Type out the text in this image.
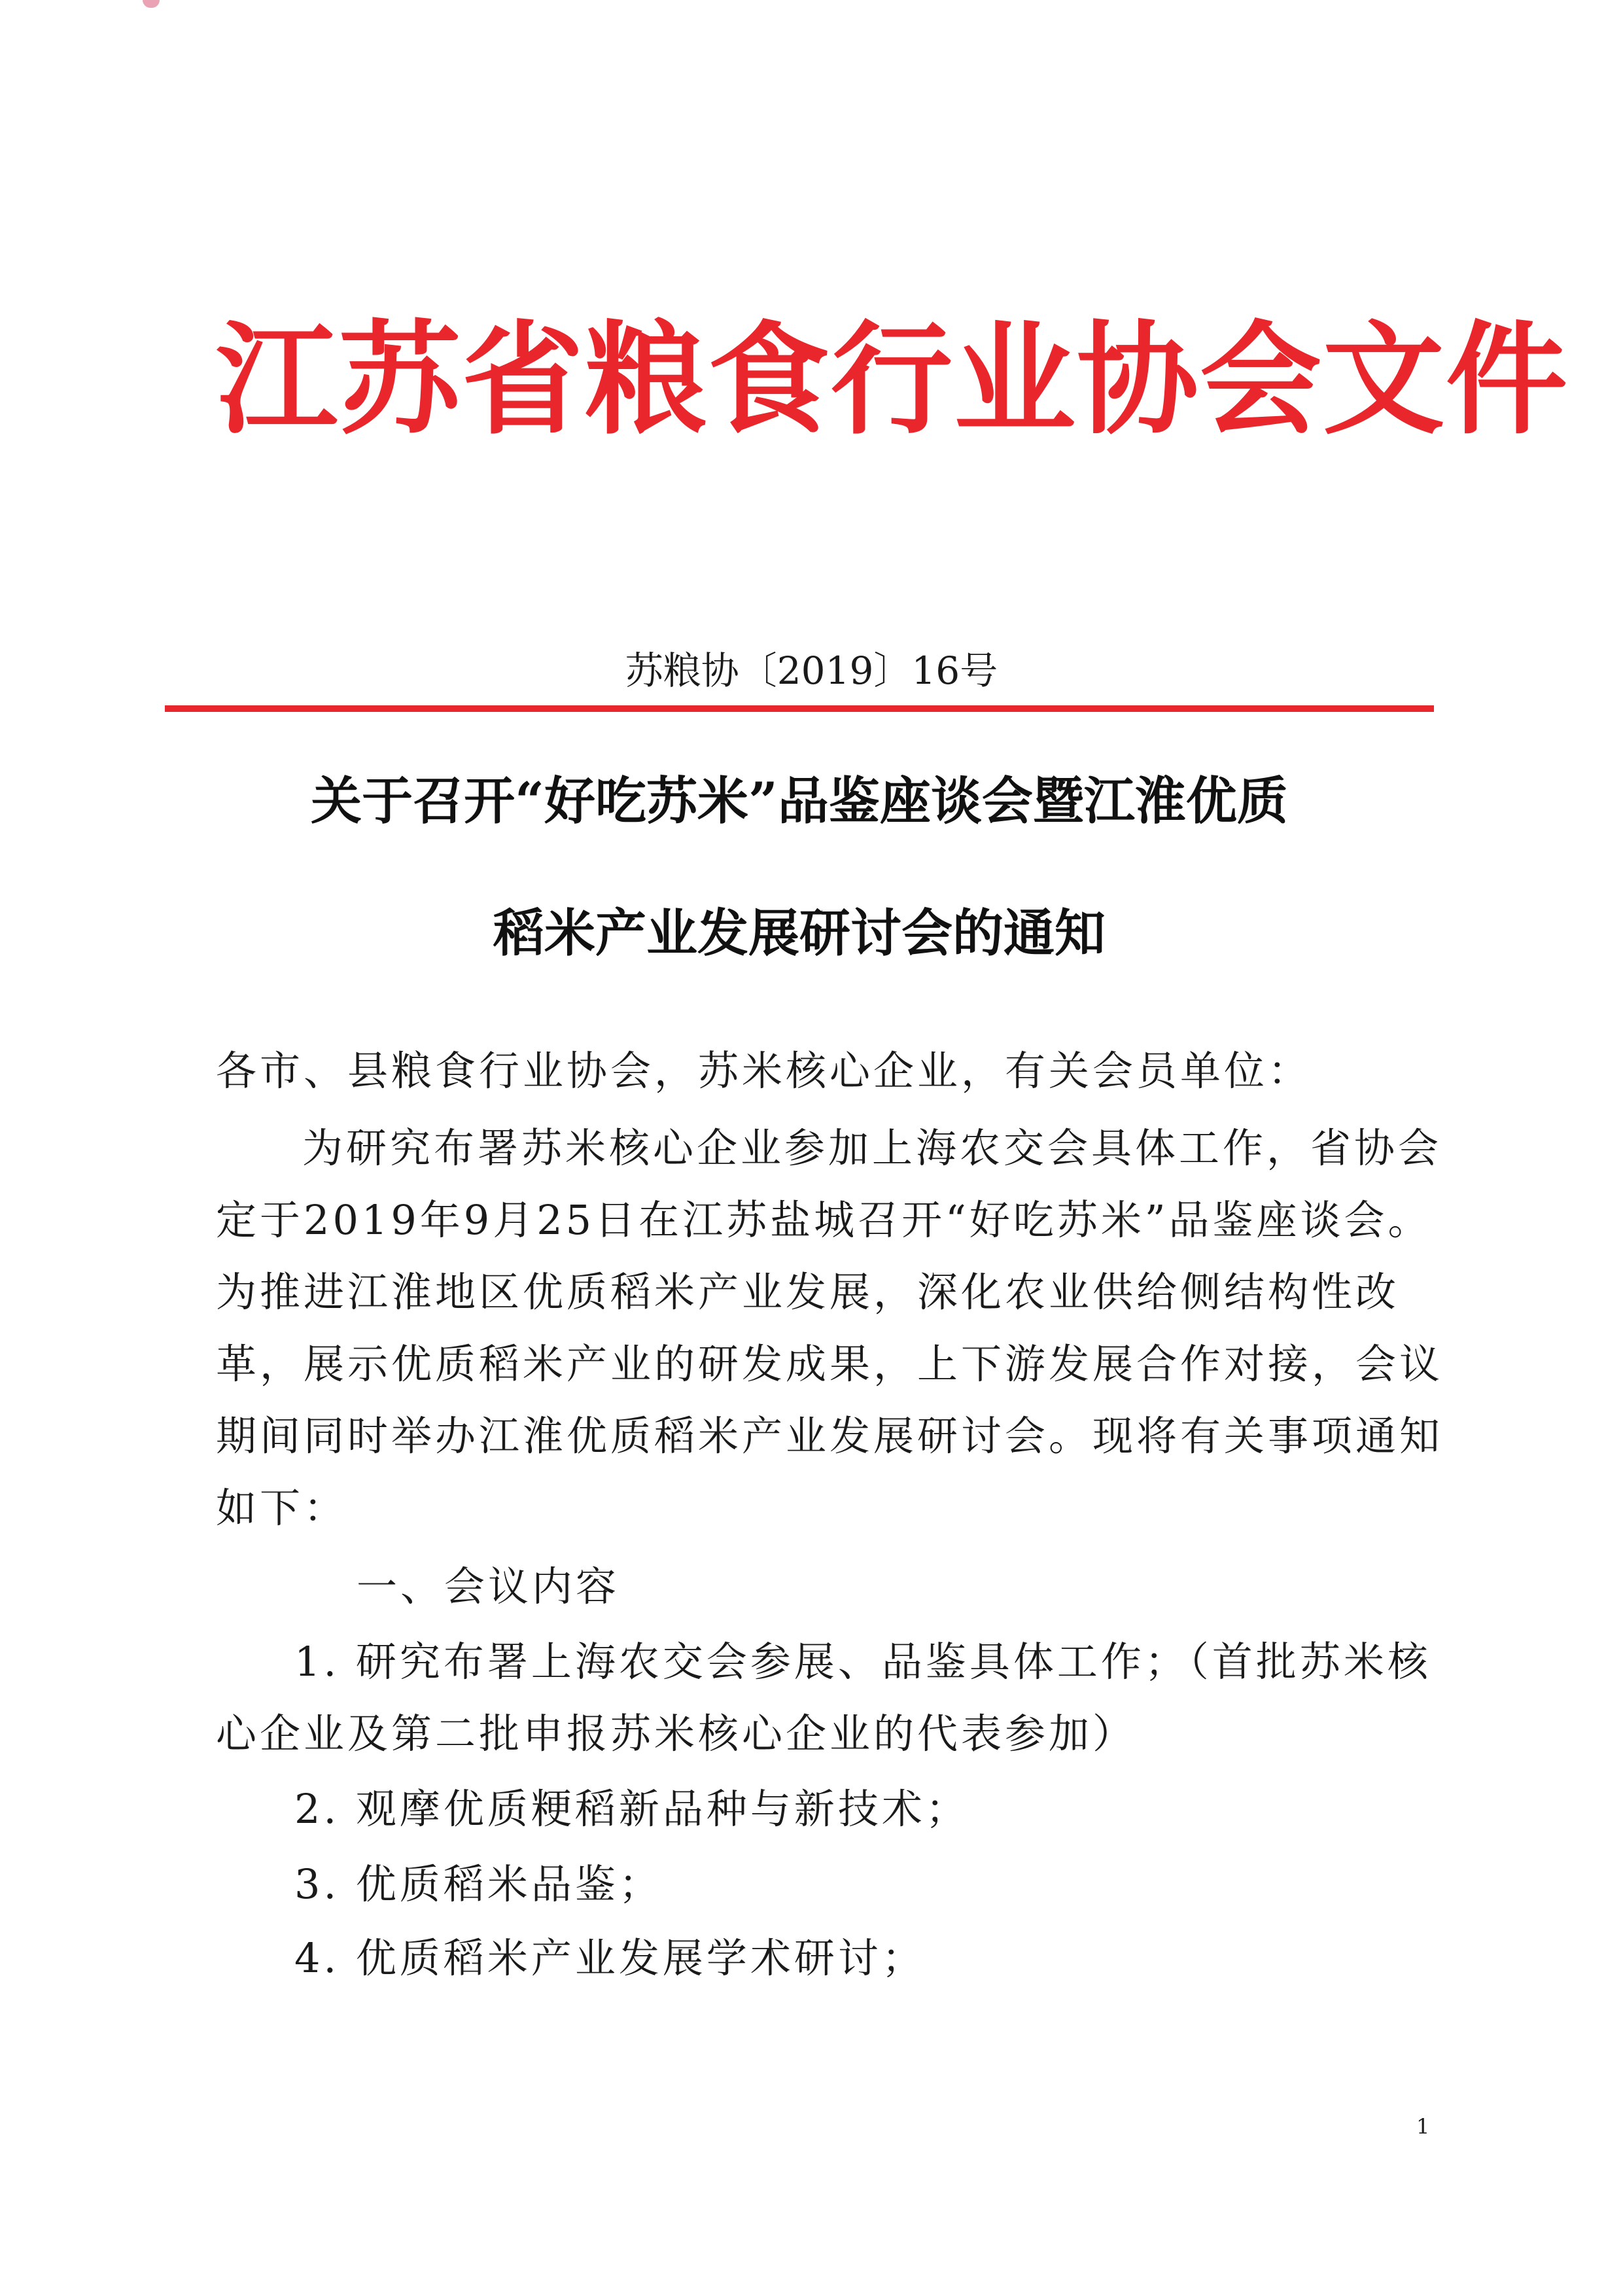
江苏省粮食行业协会文件
苏粮协〔2019〕16号
关于召开“好吃苏米”品鉴座谈会暨江淮优质
稻米产业发展研讨会的通知
各市、县粮食行业协会，苏米核心企业，有关会员单位：
为研究布署苏米核心企业参加上海农交会具体工作，省协会
定于2019年9月25日在江苏盐城召开“好吃苏米”品鉴座谈会。
为推进江淮地区优质稻米产业发展，深化农业供给侧结构性改
革，展示优质稻米产业的研发成果，上下游发展合作对接，会议
期间同时举办江淮优质稻米产业发展研讨会。现将有关事项通知
如下：
一、会议内容
1. 研究布署上海农交会参展、品鉴具体工作；（首批苏米核
心企业及第二批申报苏米核心企业的代表参加）
2. 观摩优质粳稻新品种与新技术；
3. 优质稻米品鉴；
4. 优质稻米产业发展学术研讨；
1
